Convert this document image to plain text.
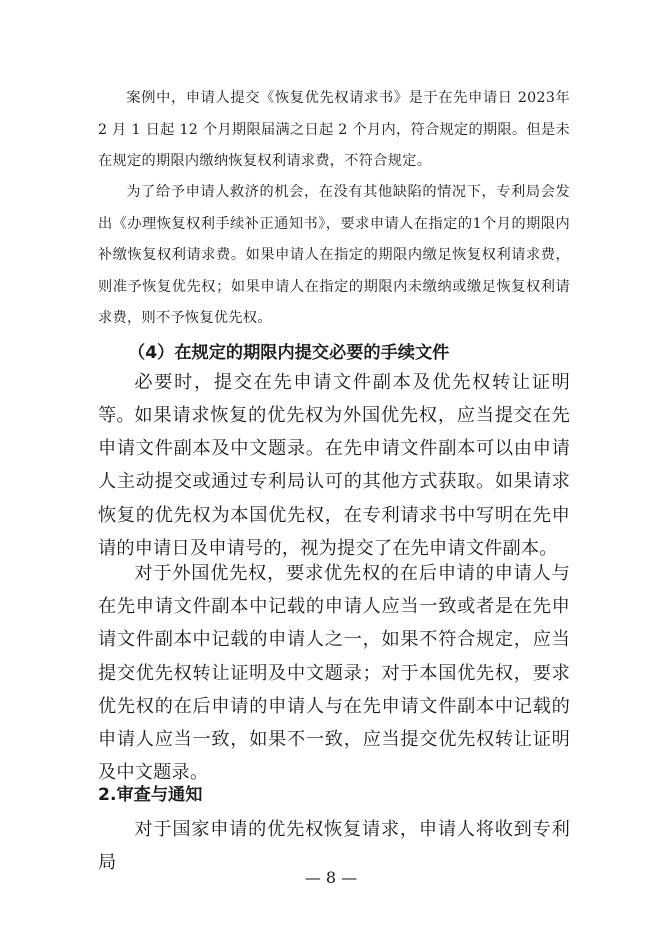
案例中，申请人提交《恢复优先权请求书》是于在先申请日 2023年 2 月 1 日起 12 个月期限届满之日起 2 个月内，符合规定的期限。但是未在规定的期限内缴纳恢复权利请求费，不符合规定。

为了给予申请人救济的机会，在没有其他缺陷的情况下，专利局会发出《办理恢复权利手续补正通知书》，要求申请人在指定的1个月的期限内补缴恢复权利请求费。如果申请人在指定的期限内缴足恢复权利请求费，则准予恢复优先权；如果申请人在指定的期限内未缴纳或缴足恢复权利请求费，则不予恢复优先权。

（4）在规定的期限内提交必要的手续文件

必要时，提交在先申请文件副本及优先权转让证明等。 如果请求恢复的优先权为外国优先权，应当提交在先申请文件副本及中文题录。在先申请文件副本可以由申请人主动提交或通过专利局认可的其他方式获取。如果请求恢复的优先权为本国优先权，在专利请求书中写明在先申请的申请日及申请号的，视为提交了在先申请文件副本。

对于外国优先权，要求优先权的在后申请的申请人与在先申请文件副本中记载的申请人应当一致或者是在先申请文件副本中记载的申请人之一，如果不符合规定，应当提交优先权转让证明及中文题录；对于本国优先权，要求优先权的在后申请的申请人与在先申请文件副本中记载的申请人应当一致，如果不一致，应当提交优先权转让证明及中文题录。

2.审查与通知

对于国家申请的优先权恢复请求，申请人将收到专利局

— 8 —
